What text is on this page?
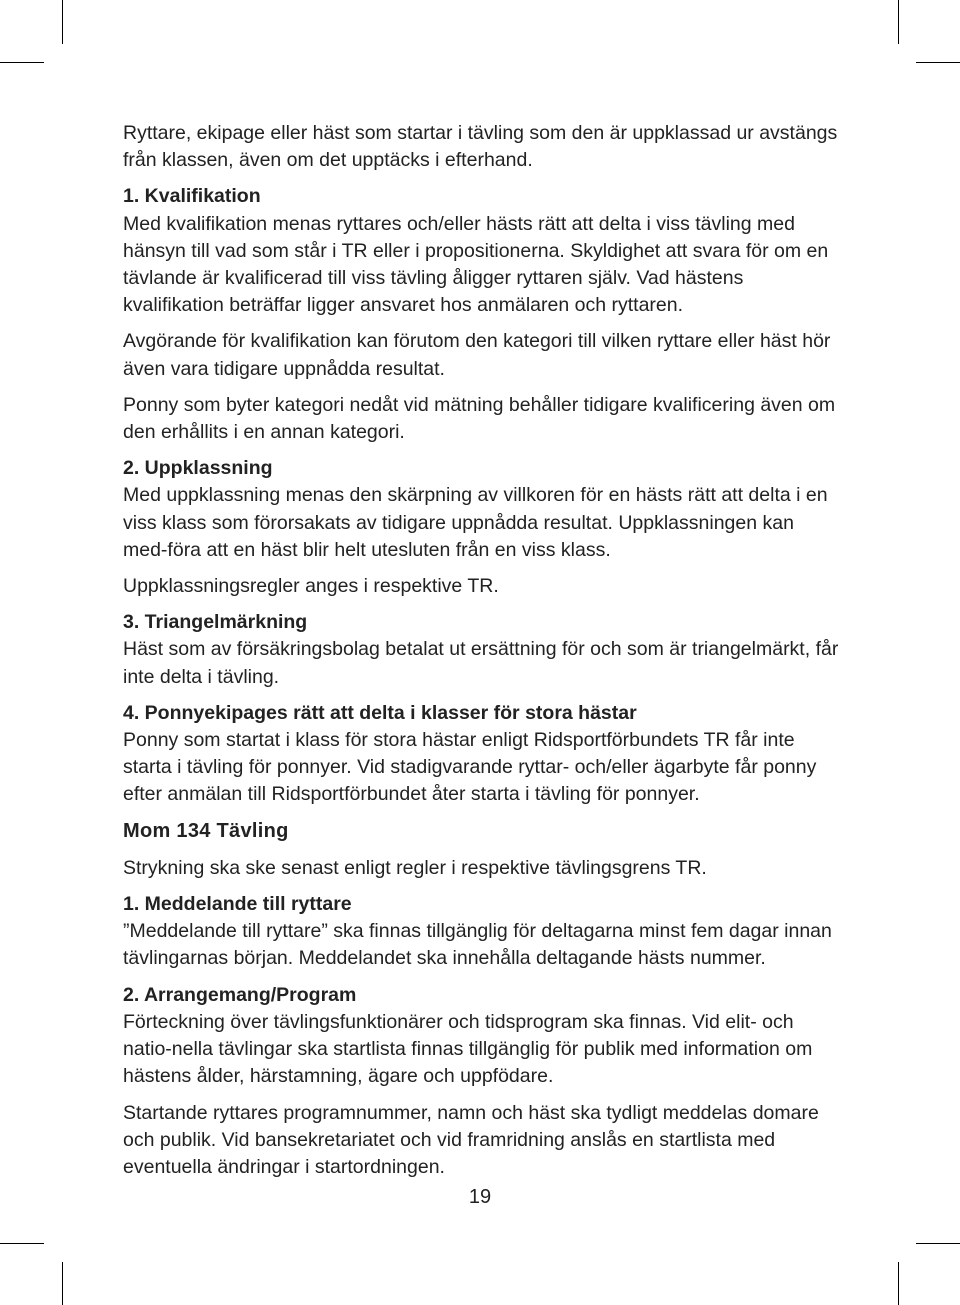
Ryttare, ekipage eller häst som startar i tävling som den är uppklassad ur avstängs från klassen, även om det upptäcks i efterhand.

1. Kvalifikation

Med kvalifikation menas ryttares och/eller hästs rätt att delta i viss tävling med hänsyn till vad som står i TR eller i propositionerna. Skyldighet att svara för om en tävlande är kvalificerad till viss tävling åligger ryttaren själv. Vad hästens kvalifikation beträffar ligger ansvaret hos anmälaren och ryttaren.

Avgörande för kvalifikation kan förutom den kategori till vilken ryttare eller häst hör även vara tidigare uppnådda resultat.

Ponny som byter kategori nedåt vid mätning behåller tidigare kvalificering även om den erhållits i en annan kategori.

2. Uppklassning

Med uppklassning menas den skärpning av villkoren för en hästs rätt att delta i en viss klass som förorsakats av tidigare uppnådda resultat. Uppklassningen kan med-föra att en häst blir helt utesluten från en viss klass.

Uppklassningsregler anges i respektive TR.

3. Triangelmärkning

Häst som av försäkringsbolag betalat ut ersättning för och som är triangelmärkt, får inte delta i tävling.

4. Ponnyekipages rätt att delta i klasser för stora hästar

Ponny som startat i klass för stora hästar enligt Ridsportförbundets TR får inte starta i tävling för ponnyer. Vid stadigvarande ryttar- och/eller ägarbyte får ponny efter anmälan till Ridsportförbundet åter starta i tävling för ponnyer.

Mom 134 Tävling

Strykning ska ske senast enligt regler i respektive tävlingsgrens TR.

1. Meddelande till ryttare

”Meddelande till ryttare” ska finnas tillgänglig för deltagarna minst fem dagar innan tävlingarnas början. Meddelandet ska innehålla deltagande hästs nummer.

2. Arrangemang/Program

Förteckning över tävlingsfunktionärer och tidsprogram ska finnas. Vid elit- och natio-nella tävlingar ska startlista finnas tillgänglig för publik med information om hästens ålder, härstamning, ägare och uppfödare.

Startande ryttares programnummer, namn och häst ska tydligt meddelas domare och publik. Vid bansekretariatet och vid framridning anslås en startlista med eventuella ändringar i startordningen.

19
